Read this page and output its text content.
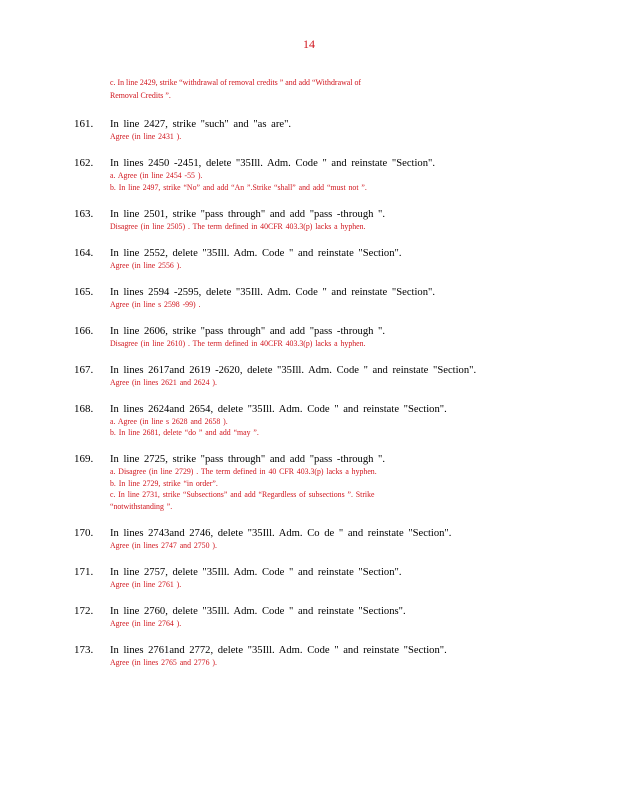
14
c. In line 2429, strike “withdrawal of removal credits ” and add “Withdrawal of
Removal Credits ”.
161. In line 2427, strike "such" and "as are".
Agree (in line 2431 ).
162. In lines 2450 -2451, delete "35Ill. Adm. Code " and reinstate "Section".
a. Agree (in line 2454 -55 ).
b. In line 2497, strike “No” and add “An ”.Strike “shall” and add “must not ”.
163. In line 2501, strike "pass through" and add "pass -through ".
Disagree (in line 2505) . The term defined in 40CFR 403.3(p) lacks a hyphen.
164. In line 2552, delete "35Ill. Adm. Code " and reinstate "Section".
Agree (in line 2556 ).
165. In lines 2594 -2595, delete "35Ill. Adm. Code " and reinstate "Section".
Agree (in line s 2598 -99) .
166. In line 2606, strike "pass through" and add "pass -through ".
Disagree (in line 2610) . The term defined in 40CFR 403.3(p) lacks a hyphen.
167. In lines 2617and 2619 -2620, delete "35Ill. Adm. Code " and reinstate "Section".
Agree (in lines 2621 and 2624 ).
168. In lines 2624and 2654, delete "35Ill. Adm. Code " and reinstate "Section".
a. Agree (in line s 2628 and 2658 ).
b. In line 2681, delete “do ” and add “may ”.
169. In line 2725, strike "pass through" and add "pass -through ".
a. Disagree (in line 2729) . The term defined in 40 CFR 403.3(p) lacks a hyphen.
b. In line 2729, strike “in order”.
c. In line 2731, strike “Subsections” and add “Regardless of subsections ”. Strike
“notwithstanding ”.
170. In lines 2743and 2746, delete "35Ill. Adm. Co de " and reinstate "Section".
Agree (in lines 2747 and 2750 ).
171. In line 2757, delete "35Ill. Adm. Code " and reinstate "Section".
Agree (in line 2761 ).
172. In line 2760, delete "35Ill. Adm. Code " and reinstate "Sections".
Agree (in line 2764 ).
173. In lines 2761and 2772, delete "35Ill. Adm. Code " and reinstate "Section".
Agree (in lines 2765 and 2776 ).
